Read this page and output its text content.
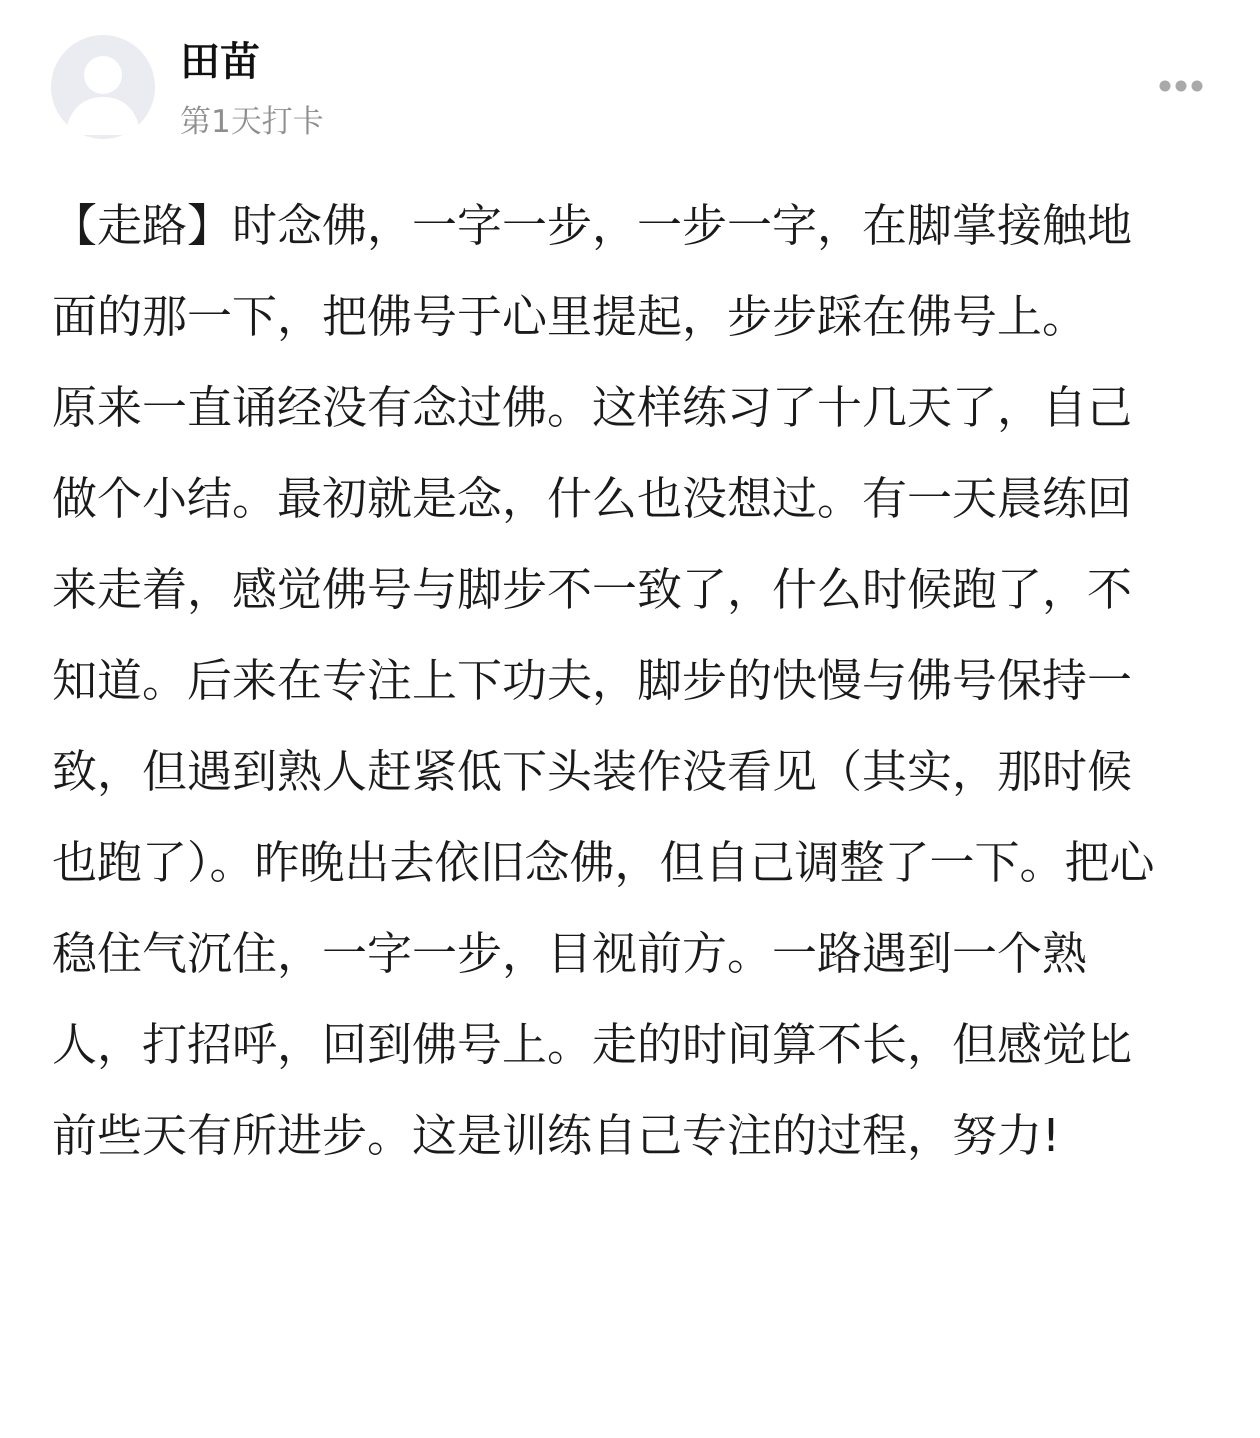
田苗
第1天打卡

【走路】时念佛，一字一步，一步一字，在脚掌接触地面的那一下，把佛号于心里提起，步步踩在佛号上。

原来一直诵经没有念过佛。这样练习了十几天了，自己做个小结。最初就是念，什么也没想过。有一天晨练回来走着，感觉佛号与脚步不一致了，什么时候跑了，不知道。后来在专注上下功夫，脚步的快慢与佛号保持一致，但遇到熟人赶紧低下头装作没看见（其实，那时候也跑了）。昨晚出去依旧念佛，但自己调整了一下。把心稳住气沉住，一字一步，目视前方。一路遇到一个熟人，打招呼，回到佛号上。走的时间算不长，但感觉比前些天有所进步。这是训练自己专注的过程，努力!
